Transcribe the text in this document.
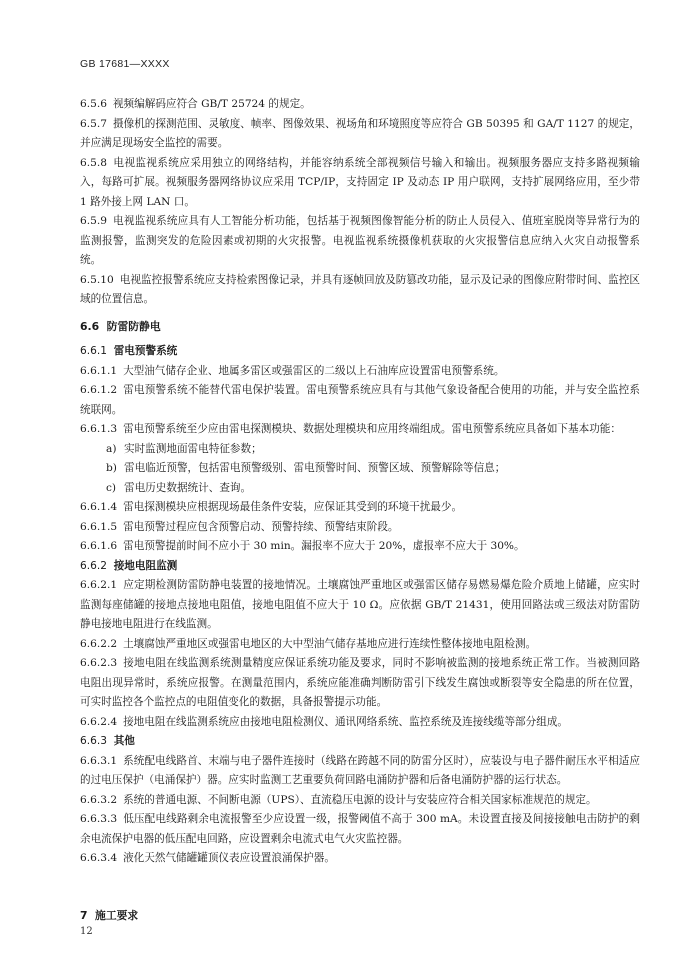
GB 17681—XXXX

6.5.6 视频编解码应符合 GB/T 25724 的规定。

6.5.7 摄像机的探测范围、灵敏度、帧率、图像效果、视场角和环境照度等应符合 GB 50395 和 GA/T 1127 的规定，并应满足现场安全监控的需要。

6.5.8 电视监视系统应采用独立的网络结构，并能容纳系统全部视频信号输入和输出。视频服务器应支持多路视频输入，每路可扩展。视频服务器网络协议应采用 TCP/IP，支持固定 IP 及动态 IP 用户联网，支持扩展网络应用，至少带 1 路外接上网 LAN 口。

6.5.9 电视监视系统应具有人工智能分析功能，包括基于视频图像智能分析的防止人员侵入、值班室脱岗等异常行为的监测报警，监测突发的危险因素或初期的火灾报警。电视监视系统摄像机获取的火灾报警信息应纳入火灾自动报警系统。

6.5.10 电视监控报警系统应支持检索图像记录，并具有逐帧回放及防篡改功能，显示及记录的图像应附带时间、监控区域的位置信息。

6.6 防雷防静电

6.6.1 雷电预警系统

6.6.1.1 大型油气储存企业、地属多雷区或强雷区的二级以上石油库应设置雷电预警系统。

6.6.1.2 雷电预警系统不能替代雷电保护装置。雷电预警系统应具有与其他气象设备配合使用的功能，并与安全监控系统联网。

6.6.1.3 雷电预警系统至少应由雷电探测模块、数据处理模块和应用终端组成。雷电预警系统应具备如下基本功能：

a) 实时监测地面雷电特征参数；

b) 雷电临近预警，包括雷电预警级别、雷电预警时间、预警区域、预警解除等信息；

c) 雷电历史数据统计、查询。

6.6.1.4 雷电探测模块应根据现场最佳条件安装，应保证其受到的环境干扰最少。

6.6.1.5 雷电预警过程应包含预警启动、预警持续、预警结束阶段。

6.6.1.6 雷电预警提前时间不应小于 30 min。漏报率不应大于 20%，虚报率不应大于 30%。

6.6.2 接地电阻监测

6.6.2.1 应定期检测防雷防静电装置的接地情况。土壤腐蚀严重地区或强雷区储存易燃易爆危险介质地上储罐，应实时监测每座储罐的接地点接地电阻值，接地电阻值不应大于 10 Ω。应依据 GB/T 21431，使用回路法或三级法对防雷防静电接地电阻进行在线监测。

6.6.2.2 土壤腐蚀严重地区或强雷电地区的大中型油气储存基地应进行连续性整体接地电阻检测。

6.6.2.3 接地电阻在线监测系统测量精度应保证系统功能及要求，同时不影响被监测的接地系统正常工作。当被测回路电阻出现异常时，系统应报警。在测量范围内，系统应能准确判断防雷引下线发生腐蚀或断裂等安全隐患的所在位置，可实时监控各个监控点的电阻值变化的数据，具备报警提示功能。

6.6.2.4 接地电阻在线监测系统应由接地电阻检测仪、通讯网络系统、监控系统及连接线缆等部分组成。

6.6.3 其他

6.6.3.1 系统配电线路首、末端与电子器件连接时（线路在跨越不同的防雷分区时），应装设与电子器件耐压水平相适应的过电压保护（电涌保护）器。应实时监测工艺重要负荷回路电涌防护器和后备电涌防护器的运行状态。

6.6.3.2 系统的普通电源、不间断电源（UPS）、直流稳压电源的设计与安装应符合相关国家标准规范的规定。

6.6.3.3 低压配电线路剩余电流报警至少应设置一级，报警阈值不高于 300 mA。未设置直接及间接接触电击防护的剩余电流保护电器的低压配电回路，应设置剩余电流式电气火灾监控器。

6.6.3.4 液化天然气储罐罐顶仪表应设置浪涌保护器。

7 施工要求
12
